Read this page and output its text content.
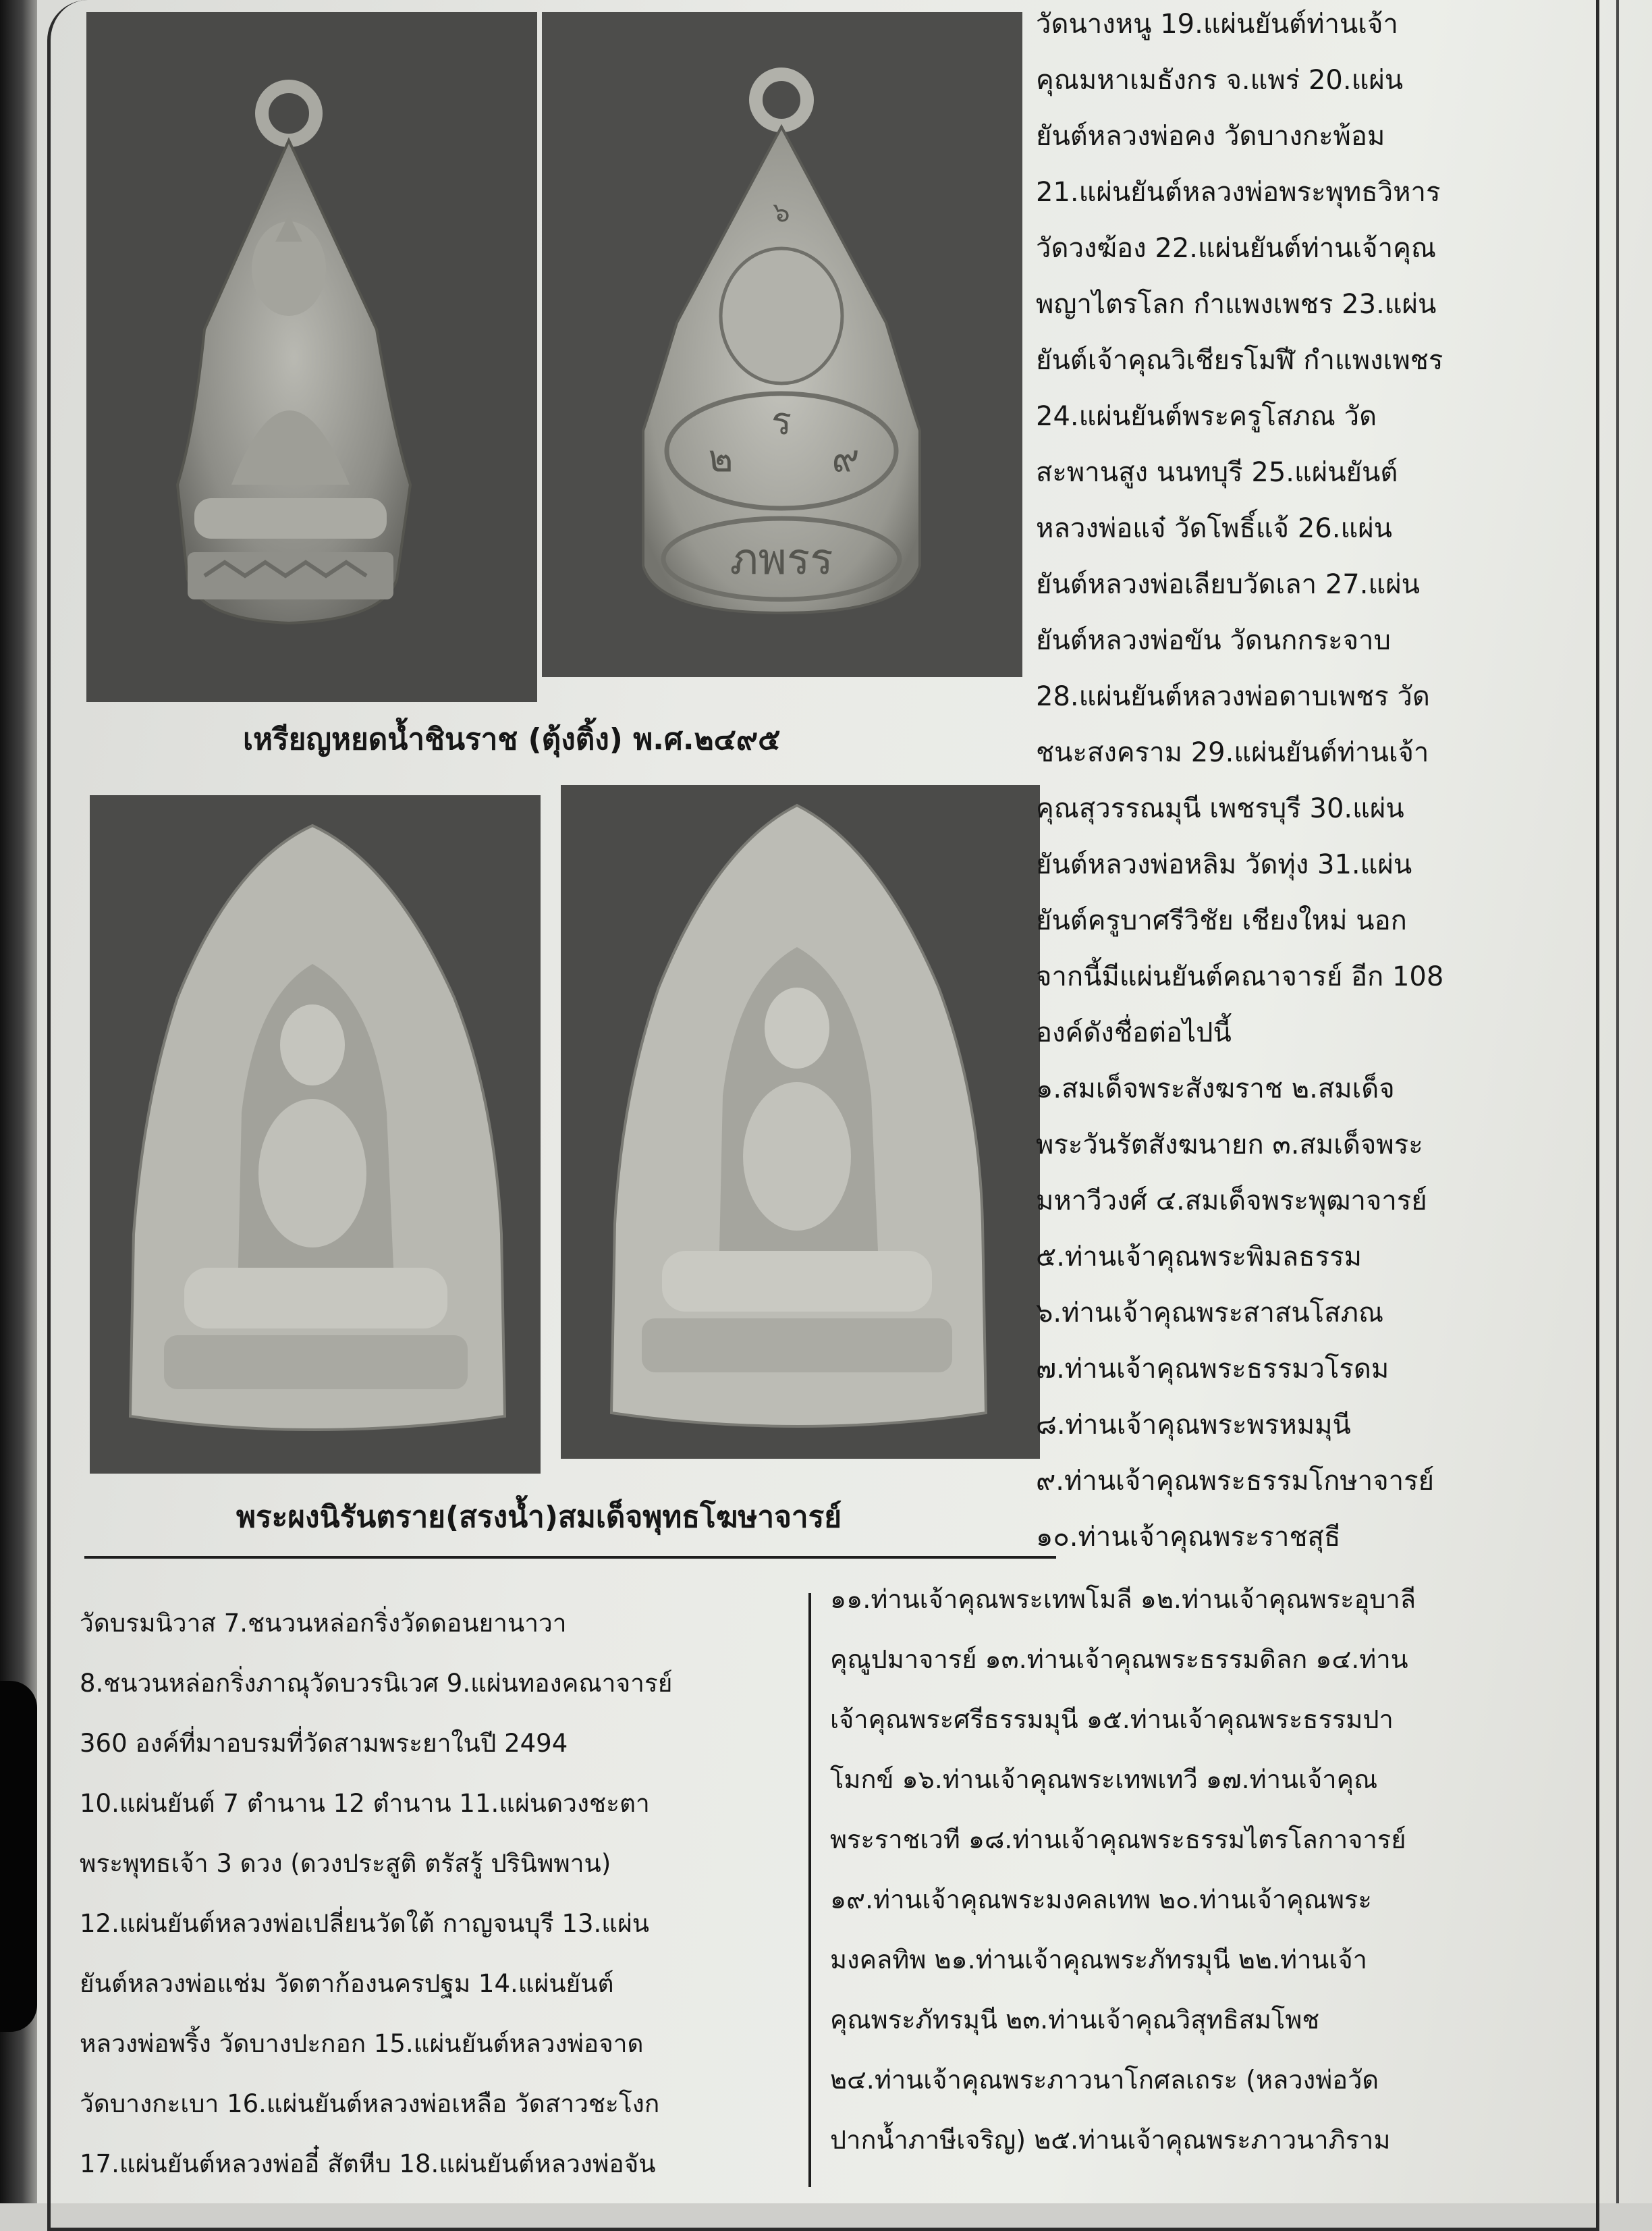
๖
ร
๒	๙
ภพรร
เหรียญหยดน้ำชินราช (ตุ้งติ้ง) พ.ศ.๒๔๙๕
พระผงนิรันตราย(สรงน้ำ)สมเด็จพุทธโฆษาจารย์
วัดนางหนู 19.แผ่นยันต์ท่านเจ้า
คุณมหาเมธังกร จ.แพร่ 20.แผ่น
ยันต์หลวงพ่อคง วัดบางกะพ้อม
21.แผ่นยันต์หลวงพ่อพระพุทธวิหาร
วัดวงฆ้อง 22.แผ่นยันต์ท่านเจ้าคุณ
พญาไตรโลก กำแพงเพชร 23.แผ่น
ยันต์เจ้าคุณวิเชียรโมฬี กำแพงเพชร
24.แผ่นยันต์พระครูโสภณ วัด
สะพานสูง นนทบุรี 25.แผ่นยันต์
หลวงพ่อแจ๋ วัดโพธิ์แจ้ 26.แผ่น
ยันต์หลวงพ่อเลียบวัดเลา 27.แผ่น
ยันต์หลวงพ่อขัน วัดนกกระจาบ
28.แผ่นยันต์หลวงพ่อดาบเพชร วัด
ชนะสงคราม 29.แผ่นยันต์ท่านเจ้า
คุณสุวรรณมุนี เพชรบุรี 30.แผ่น
ยันต์หลวงพ่อหลิม วัดทุ่ง 31.แผ่น
ยันต์ครูบาศรีวิชัย เชียงใหม่ นอก
จากนี้มีแผ่นยันต์คณาจารย์ อีก 108
องค์ดังชื่อต่อไปนี้
๑.สมเด็จพระสังฆราช ๒.สมเด็จ
พระวันรัตสังฆนายก ๓.สมเด็จพระ
มหาวีวงศ์ ๔.สมเด็จพระพุฒาจารย์
๕.ท่านเจ้าคุณพระพิมลธรรม
๖.ท่านเจ้าคุณพระสาสนโสภณ
๗.ท่านเจ้าคุณพระธรรมวโรดม
๘.ท่านเจ้าคุณพระพรหมมุนี
๙.ท่านเจ้าคุณพระธรรมโกษาจารย์
๑๐.ท่านเจ้าคุณพระราชสุธี
วัดบรมนิวาส 7.ชนวนหล่อกริ่งวัดดอนยานาวา
8.ชนวนหล่อกริ่งภาณุวัดบวรนิเวศ 9.แผ่นทองคณาจารย์
360 องค์ที่มาอบรมที่วัดสามพระยาในปี 2494
10.แผ่นยันต์ 7 ตำนาน 12 ตำนาน 11.แผ่นดวงชะตา
พระพุทธเจ้า 3 ดวง (ดวงประสูติ ตรัสรู้ ปรินิพพาน)
12.แผ่นยันต์หลวงพ่อเปลี่ยนวัดใต้ กาญจนบุรี 13.แผ่น
ยันต์หลวงพ่อแช่ม วัดตาก้องนครปฐม 14.แผ่นยันต์
หลวงพ่อพริ้ง วัดบางปะกอก 15.แผ่นยันต์หลวงพ่อจาด
วัดบางกะเบา 16.แผ่นยันต์หลวงพ่อเหลือ วัดสาวชะโงก
17.แผ่นยันต์หลวงพ่ออี๋ สัตหีบ 18.แผ่นยันต์หลวงพ่อจัน
๑๑.ท่านเจ้าคุณพระเทพโมลี ๑๒.ท่านเจ้าคุณพระอุบาลี
คุณูปมาจารย์ ๑๓.ท่านเจ้าคุณพระธรรมดิลก ๑๔.ท่าน
เจ้าคุณพระศรีธรรมมุนี ๑๕.ท่านเจ้าคุณพระธรรมปา
โมกข์ ๑๖.ท่านเจ้าคุณพระเทพเทวี ๑๗.ท่านเจ้าคุณ
พระราชเวที ๑๘.ท่านเจ้าคุณพระธรรมไตรโลกาจารย์
๑๙.ท่านเจ้าคุณพระมงคลเทพ ๒๐.ท่านเจ้าคุณพระ
มงคลทิพ ๒๑.ท่านเจ้าคุณพระภัทรมุนี ๒๒.ท่านเจ้า
คุณพระภัทรมุนี ๒๓.ท่านเจ้าคุณวิสุทธิสมโพช
๒๔.ท่านเจ้าคุณพระภาวนาโกศลเถระ (หลวงพ่อวัด
ปากน้ำภาษีเจริญ) ๒๕.ท่านเจ้าคุณพระภาวนาภิราม
